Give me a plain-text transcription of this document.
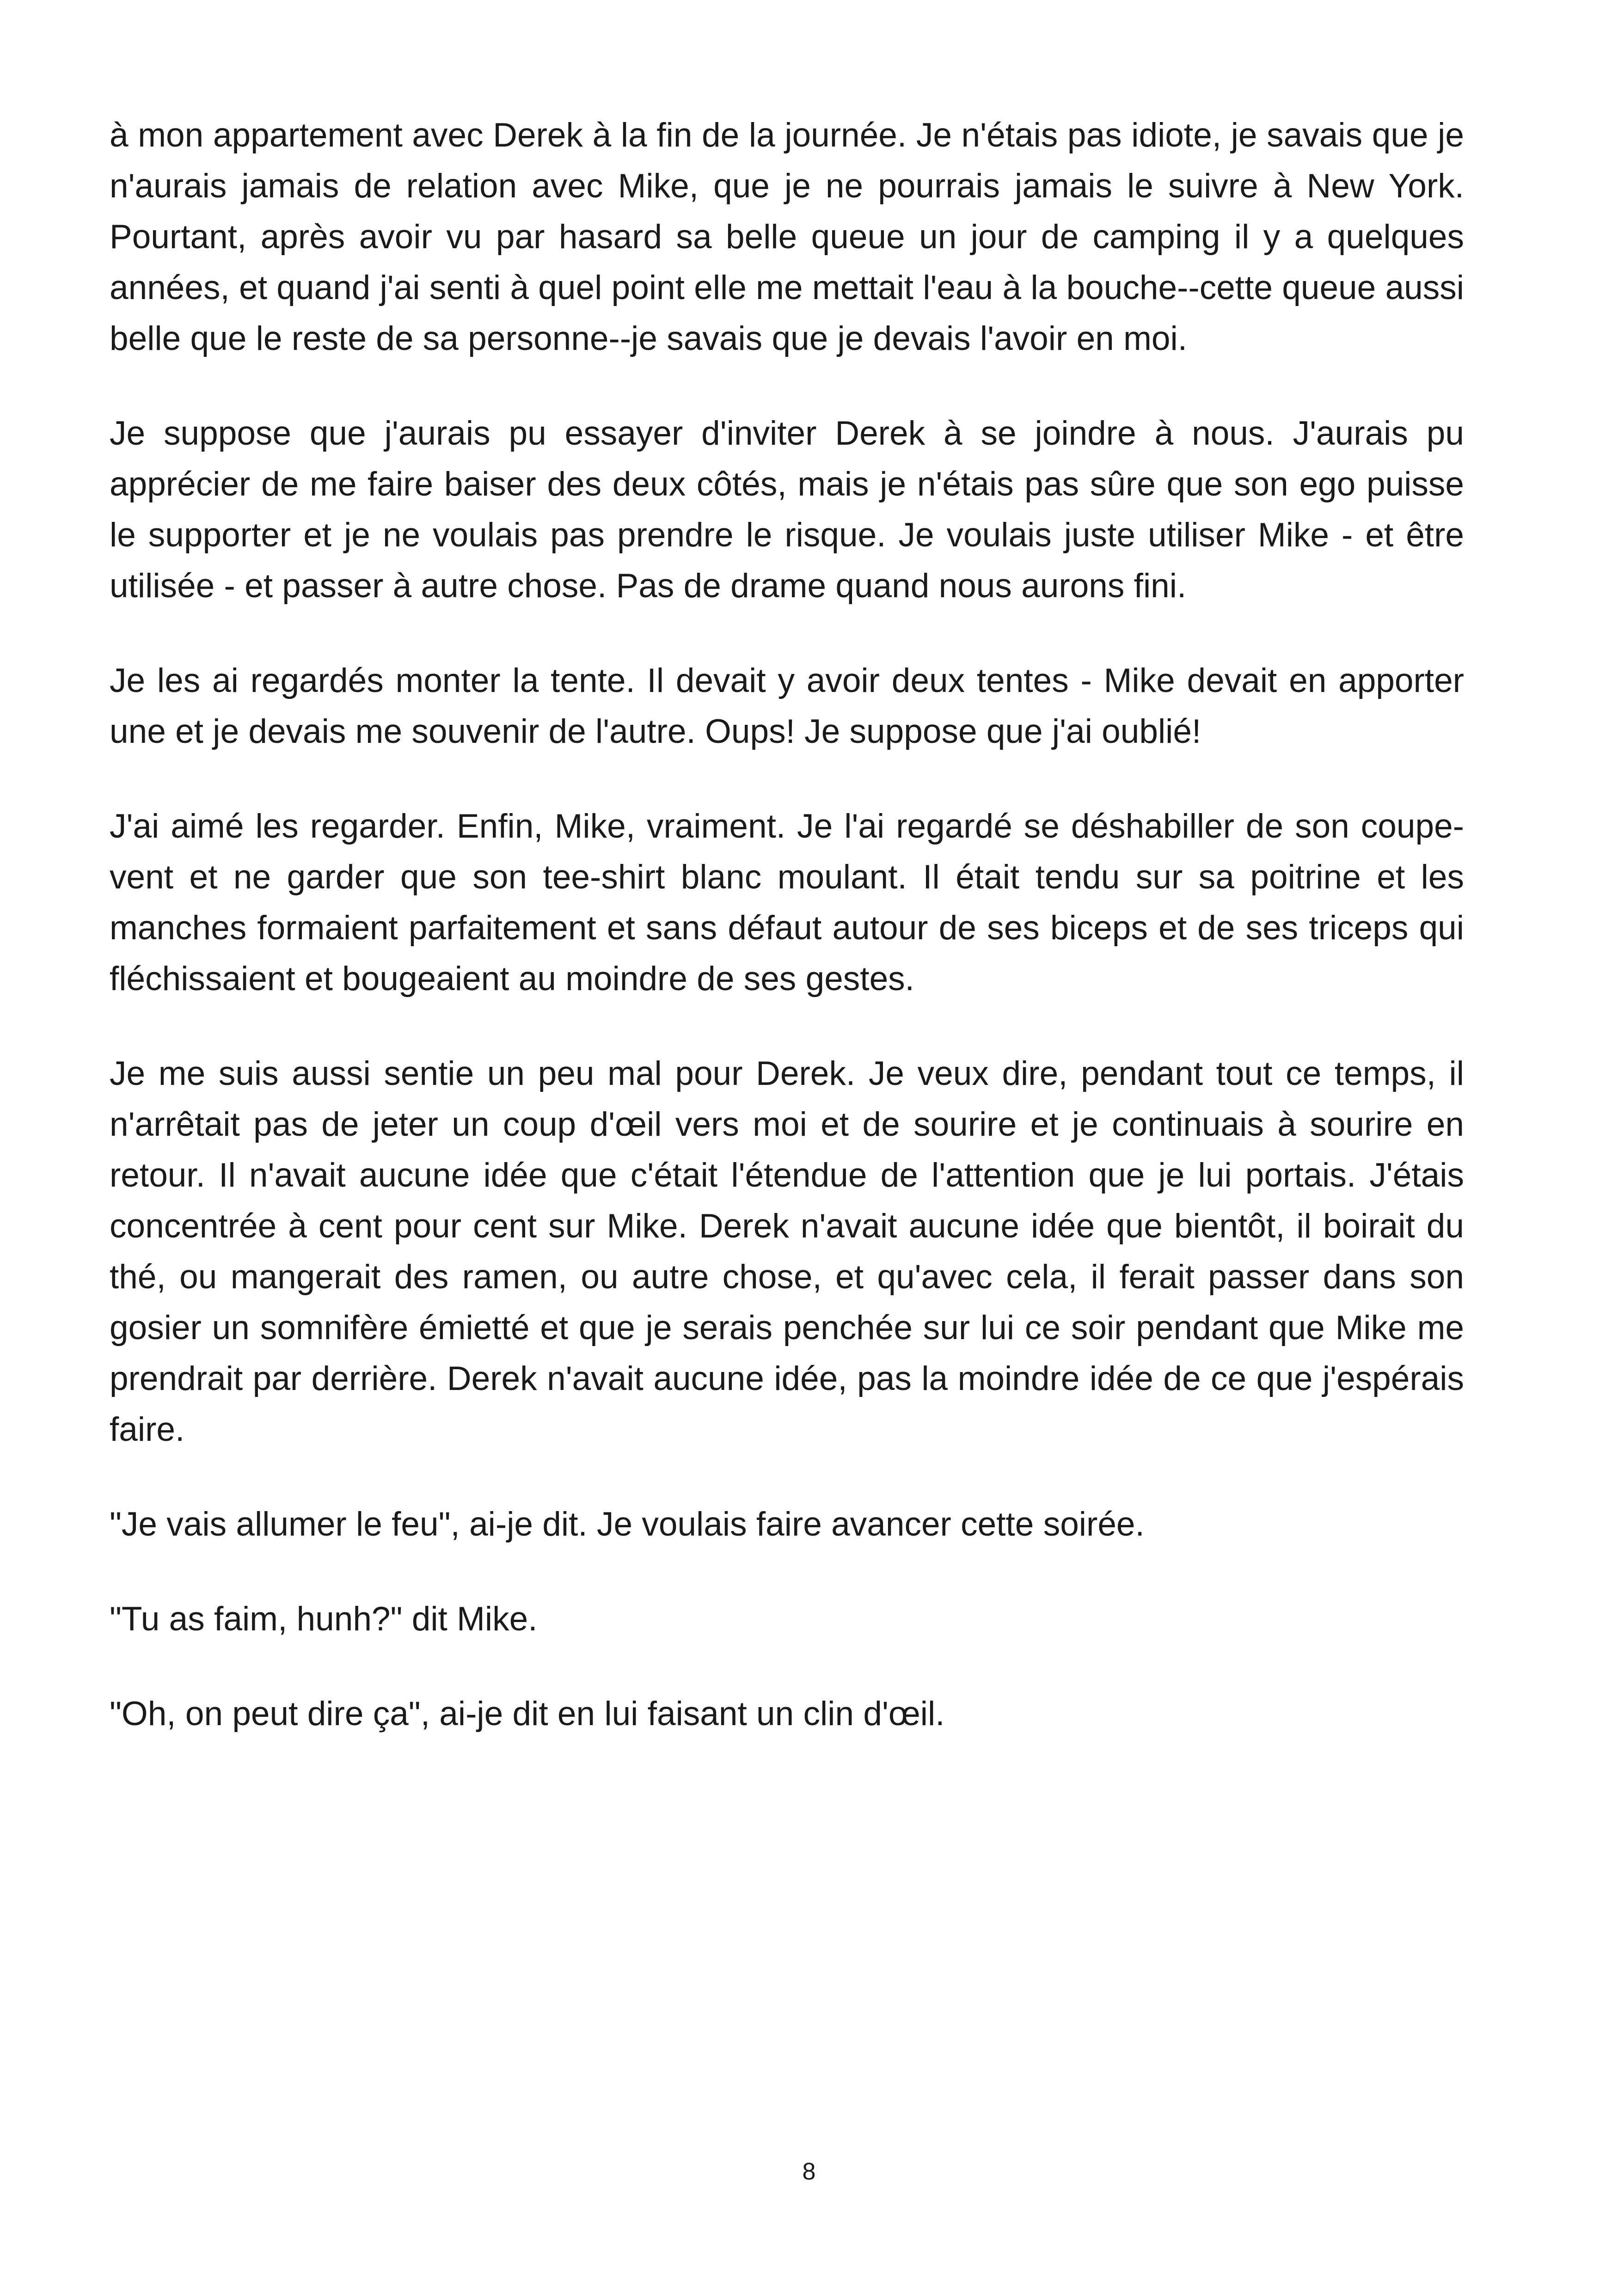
à mon appartement avec Derek à la fin de la journée. Je n'étais pas idiote, je savais que je n'aurais jamais de relation avec Mike, que je ne pourrais jamais le suivre à New York. Pourtant, après avoir vu par hasard sa belle queue un jour de camping il y a quelques années, et quand j'ai senti à quel point elle me mettait l'eau à la bouche--cette queue aussi belle que le reste de sa personne--je savais que je devais l'avoir en moi.

Je suppose que j'aurais pu essayer d'inviter Derek à se joindre à nous. J'aurais pu apprécier de me faire baiser des deux côtés, mais je n'étais pas sûre que son ego puisse le supporter et je ne voulais pas prendre le risque. Je voulais juste utiliser Mike - et être utilisée - et passer à autre chose. Pas de drame quand nous aurons fini.

Je les ai regardés monter la tente. Il devait y avoir deux tentes - Mike devait en apporter une et je devais me souvenir de l'autre. Oups! Je suppose que j'ai oublié!

J'ai aimé les regarder. Enfin, Mike, vraiment. Je l'ai regardé se déshabiller de son coupe-vent et ne garder que son tee-shirt blanc moulant. Il était tendu sur sa poitrine et les manches formaient parfaitement et sans défaut autour de ses biceps et de ses triceps qui fléchissaient et bougeaient au moindre de ses gestes.

Je me suis aussi sentie un peu mal pour Derek. Je veux dire, pendant tout ce temps, il n'arrêtait pas de jeter un coup d'œil vers moi et de sourire et je continuais à sourire en retour. Il n'avait aucune idée que c'était l'étendue de l'attention que je lui portais. J'étais concentrée à cent pour cent sur Mike. Derek n'avait aucune idée que bientôt, il boirait du thé, ou mangerait des ramen, ou autre chose, et qu'avec cela, il ferait passer dans son gosier un somnifère émietté et que je serais penchée sur lui ce soir pendant que Mike me prendrait par derrière. Derek n'avait aucune idée, pas la moindre idée de ce que j'espérais faire.

"Je vais allumer le feu", ai-je dit. Je voulais faire avancer cette soirée.

"Tu as faim, hunh?" dit Mike.

"Oh, on peut dire ça", ai-je dit en lui faisant un clin d'œil.

8
